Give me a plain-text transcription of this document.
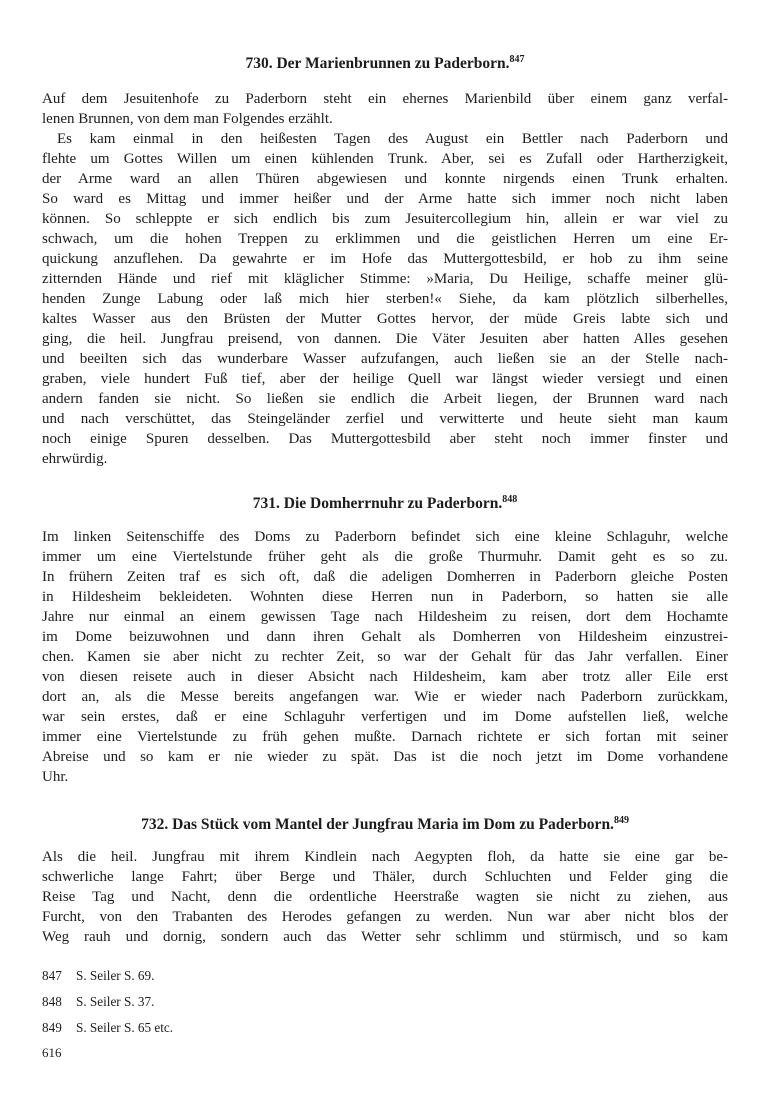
730. Der Marienbrunnen zu Paderborn.$^{847}$
Auf dem Jesuitenhofe zu Paderborn steht ein ehernes Marienbild über einem ganz verfal-
lenen Brunnen, von dem man Folgendes erzählt.
Es kam einmal in den heißesten Tagen des August ein Bettler nach Paderborn und
flehte um Gottes Willen um einen kühlenden Trunk. Aber, sei es Zufall oder Hartherzigkeit,
der Arme ward an allen Thüren abgewiesen und konnte nirgends einen Trunk erhalten.
So ward es Mittag und immer heißer und der Arme hatte sich immer noch nicht laben
können. So schleppte er sich endlich bis zum Jesuitercollegium hin, allein er war viel zu
schwach, um die hohen Treppen zu erklimmen und die geistlichen Herren um eine Er-
quickung anzuflehen. Da gewahrte er im Hofe das Muttergottesbild, er hob zu ihm seine
zitternden Hände und rief mit kläglicher Stimme: »Maria, Du Heilige, schaffe meiner glü-
henden Zunge Labung oder laß mich hier sterben!« Siehe, da kam plötzlich silberhelles,
kaltes Wasser aus den Brüsten der Mutter Gottes hervor, der müde Greis labte sich und
ging, die heil. Jungfrau preisend, von dannen. Die Väter Jesuiten aber hatten Alles gesehen
und beeilten sich das wunderbare Wasser aufzufangen, auch ließen sie an der Stelle nach-
graben, viele hundert Fuß tief, aber der heilige Quell war längst wieder versiegt und einen
andern fanden sie nicht. So ließen sie endlich die Arbeit liegen, der Brunnen ward nach
und nach verschüttet, das Steingeländer zerfiel und verwitterte und heute sieht man kaum
noch einige Spuren desselben. Das Muttergottesbild aber steht noch immer finster und
ehrwürdig.
731. Die Domherrnuhr zu Paderborn.$^{848}$
Im linken Seitenschiffe des Doms zu Paderborn befindet sich eine kleine Schlaguhr, welche
immer um eine Viertelstunde früher geht als die große Thurmuhr. Damit geht es so zu.
In frühern Zeiten traf es sich oft, daß die adeligen Domherren in Paderborn gleiche Posten
in Hildesheim bekleideten. Wohnten diese Herren nun in Paderborn, so hatten sie alle
Jahre nur einmal an einem gewissen Tage nach Hildesheim zu reisen, dort dem Hochamte
im Dome beizuwohnen und dann ihren Gehalt als Domherren von Hildesheim einzustrei-
chen. Kamen sie aber nicht zu rechter Zeit, so war der Gehalt für das Jahr verfallen. Einer
von diesen reisete auch in dieser Absicht nach Hildesheim, kam aber trotz aller Eile erst
dort an, als die Messe bereits angefangen war. Wie er wieder nach Paderborn zurückkam,
war sein erstes, daß er eine Schlaguhr verfertigen und im Dome aufstellen ließ, welche
immer eine Viertelstunde zu früh gehen mußte. Darnach richtete er sich fortan mit seiner
Abreise und so kam er nie wieder zu spät. Das ist die noch jetzt im Dome vorhandene
Uhr.
732. Das Stück vom Mantel der Jungfrau Maria im Dom zu Paderborn.$^{849}$
Als die heil. Jungfrau mit ihrem Kindlein nach Aegypten floh, da hatte sie eine gar be-
schwerliche lange Fahrt; über Berge und Thäler, durch Schluchten und Felder ging die
Reise Tag und Nacht, denn die ordentliche Heerstraße wagten sie nicht zu ziehen, aus
Furcht, von den Trabanten des Herodes gefangen zu werden. Nun war aber nicht blos der
Weg rauh und dornig, sondern auch das Wetter sehr schlimm und stürmisch, und so kam
847	S. Seiler S. 69.
848	S. Seiler S. 37.
849	S. Seiler S. 65 etc.
616
